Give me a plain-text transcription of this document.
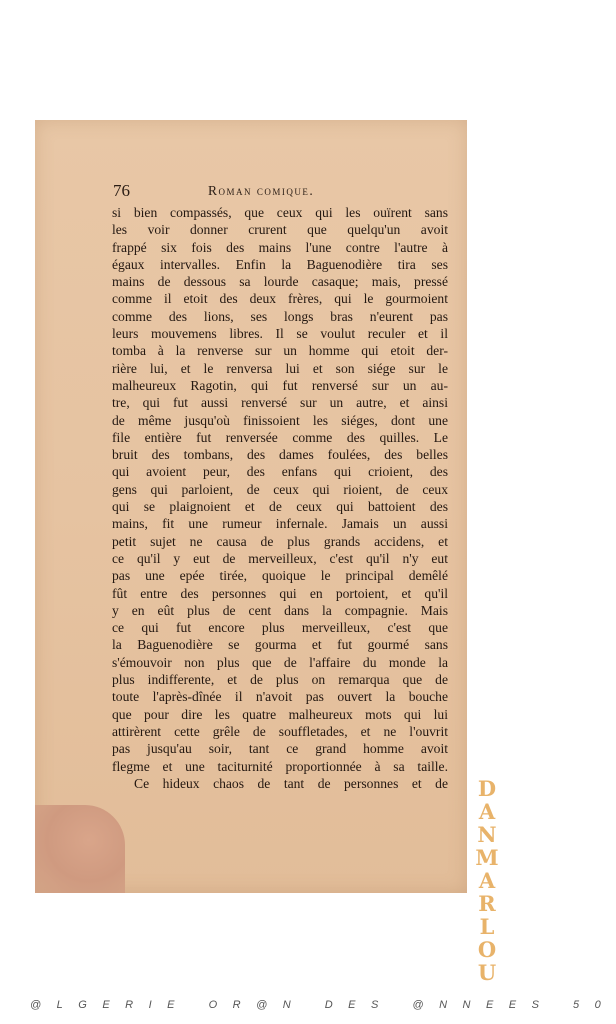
76	Roman comique.
si bien compassés, que ceux qui les ouïrent sans
les voir donner crurent que quelqu'un avoit
frappé six fois des mains l'une contre l'autre à
égaux intervalles. Enfin la Baguenodière tira ses
mains de dessous sa lourde casaque; mais, pressé
comme il etoit des deux frères, qui le gourmoient
comme des lions, ses longs bras n'eurent pas
leurs mouvemens libres. Il se voulut reculer et il
tomba à la renverse sur un homme qui etoit der-
rière lui, et le renversa lui et son siége sur le
malheureux Ragotin, qui fut renversé sur un au-
tre, qui fut aussi renversé sur un autre, et ainsi
de même jusqu'où finissoient les siéges, dont une
file entière fut renversée comme des quilles. Le
bruit des tombans, des dames foulées, des belles
qui avoient peur, des enfans qui crioient, des
gens qui parloient, de ceux qui rioient, de ceux
qui se plaignoient et de ceux qui battoient des
mains, fit une rumeur infernale. Jamais un aussi
petit sujet ne causa de plus grands accidens, et
ce qu'il y eut de merveilleux, c'est qu'il n'y eut
pas une epée tirée, quoique le principal demêlé
fût entre des personnes qui en portoient, et qu'il
y en eût plus de cent dans la compagnie. Mais
ce qui fut encore plus merveilleux, c'est que
la Baguenodière se gourma et fut gourmé sans
s'émouvoir non plus que de l'affaire du monde la
plus indifferente, et de plus on remarqua que de
toute l'après-dînée il n'avoit pas ouvert la bouche
que pour dire les quatre malheureux mots qui lui
attirèrent cette grêle de souffletades, et ne l'ouvrit
pas jusqu'au soir, tant ce grand homme avoit
flegme et une taciturnité proportionnée à sa taille.
Ce hideux chaos de tant de personnes et de D
A
N
M
A
R
L
O
U
@LGERIE OR@N DES @NNEES 50
